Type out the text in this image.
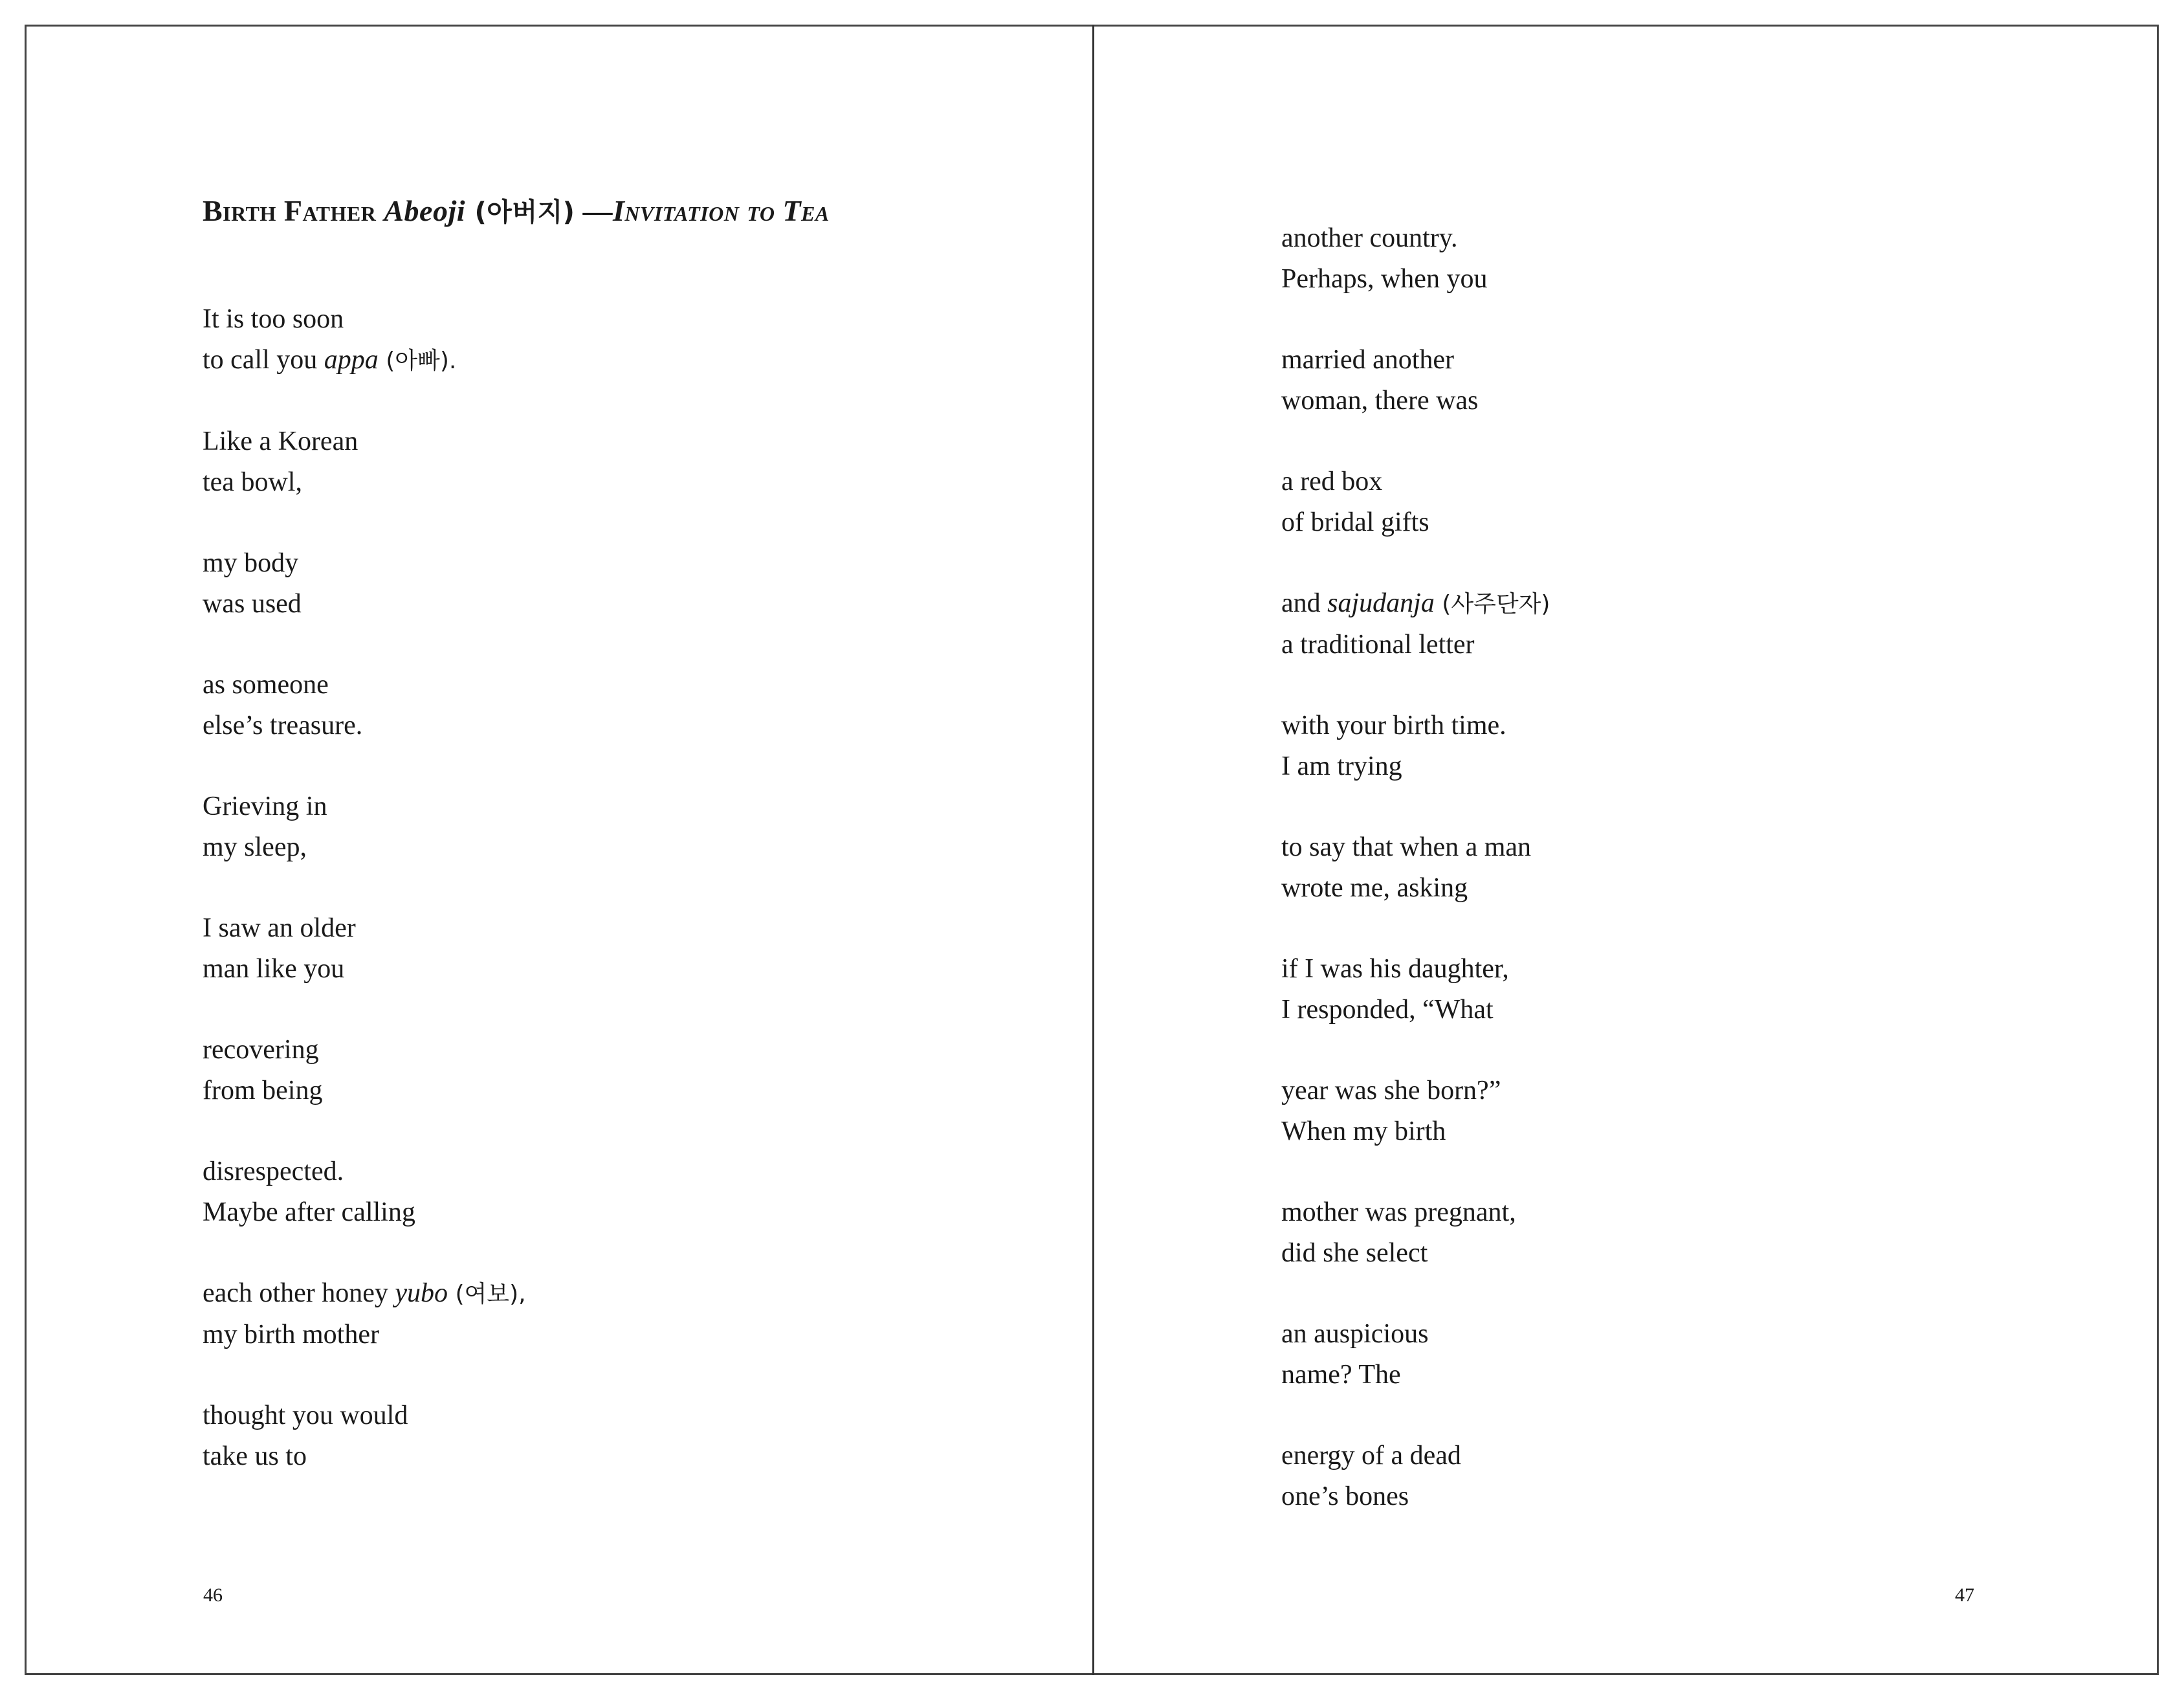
Birth Father Abeoji (아버지) —Invitation to Tea
It is too soon
to call you appa (아빠).
Like a Korean
tea bowl,
my body
was used
as someone
else’s treasure.
Grieving in
my sleep,
I saw an older
man like you
recovering
from being
disrespected.
Maybe after calling
each other honey yubo (여보),
my birth mother
thought you would
take us to
46
another country.
Perhaps, when you
married another
woman, there was
a red box
of bridal gifts
and sajudanja (사주단자)
a traditional letter
with your birth time.
I am trying
to say that when a man
wrote me, asking
if I was his daughter,
I responded, “What
year was she born?”
When my birth
mother was pregnant,
did she select
an auspicious
name? The
energy of a dead
one’s bones
47
